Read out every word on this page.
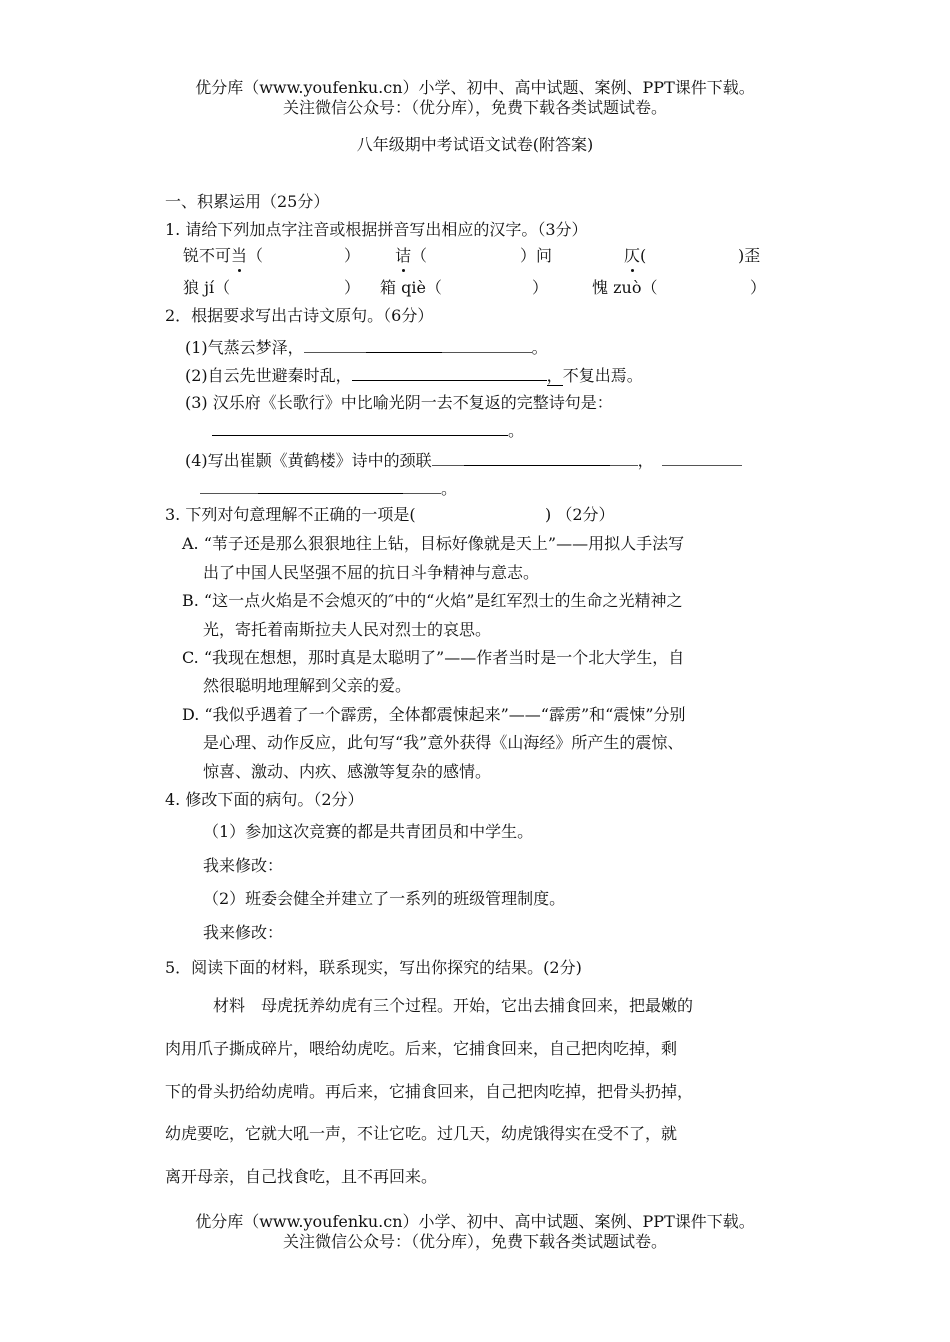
优分库（www.youfenku.cn）小学、初中、高中试题、案例、PPT课件下载。
关注微信公众号：（优分库），免费下载各类试题试卷。
八年级期中考试语文试卷(附答案)
一、积累运用（25分）
1. 请给下列加点字注音或根据拼音写出相应的汉字。（3分）
锐不可当（	） 诘（	）问	仄(	)歪
狼 jí（	） 箱 qiè（	）	愧 zuò（	）
2．根据要求写出古诗文原句。（6分）
(1)气蒸云梦泽，	。
(2)自云先世避秦时乱，	，不复出焉。
(3) 汉乐府《长歌行》中比喻光阴一去不复返的完整诗句是：
。
(4)写出崔颢《黄鹤楼》诗中的颈联	，
。
3. 下列对句意理解不正确的一项是(	) （2分）
A. “苇子还是那么狠狠地往上钻，目标好像就是天上”——用拟人手法写
出了中国人民坚强不屈的抗日斗争精神与意志。
B. “这一点火焰是不会熄灭的″中的“火焰”是红军烈士的生命之光精神之
光，寄托着南斯拉夫人民对烈士的哀思。
C. “我现在想想，那时真是太聪明了”——作者当时是一个北大学生，自
然很聪明地理解到父亲的爱。
D. “我似乎遇着了一个霹雳，全体都震悚起来”——“霹雳”和“震悚”分别
是心理、动作反应，此句写“我”意外获得《山海经》所产生的震惊、
惊喜、激动、内疚、感激等复杂的感情。
4. 修改下面的病句。（2分）
（1）参加这次竞赛的都是共青团员和中学生。
我来修改：
（2）班委会健全并建立了一系列的班级管理制度。
我来修改：
5．阅读下面的材料，联系现实，写出你探究的结果。(2分)
材料　母虎抚养幼虎有三个过程。开始，它出去捕食回来，把最嫩的
肉用爪子撕成碎片，喂给幼虎吃。后来，它捕食回来，自己把肉吃掉，剩
下的骨头扔给幼虎啃。再后来，它捕食回来，自己把肉吃掉，把骨头扔掉，
幼虎要吃，它就大吼一声，不让它吃。过几天，幼虎饿得实在受不了，就
离开母亲，自己找食吃，且不再回来。
优分库（www.youfenku.cn）小学、初中、高中试题、案例、PPT课件下载。
关注微信公众号：（优分库），免费下载各类试题试卷。
